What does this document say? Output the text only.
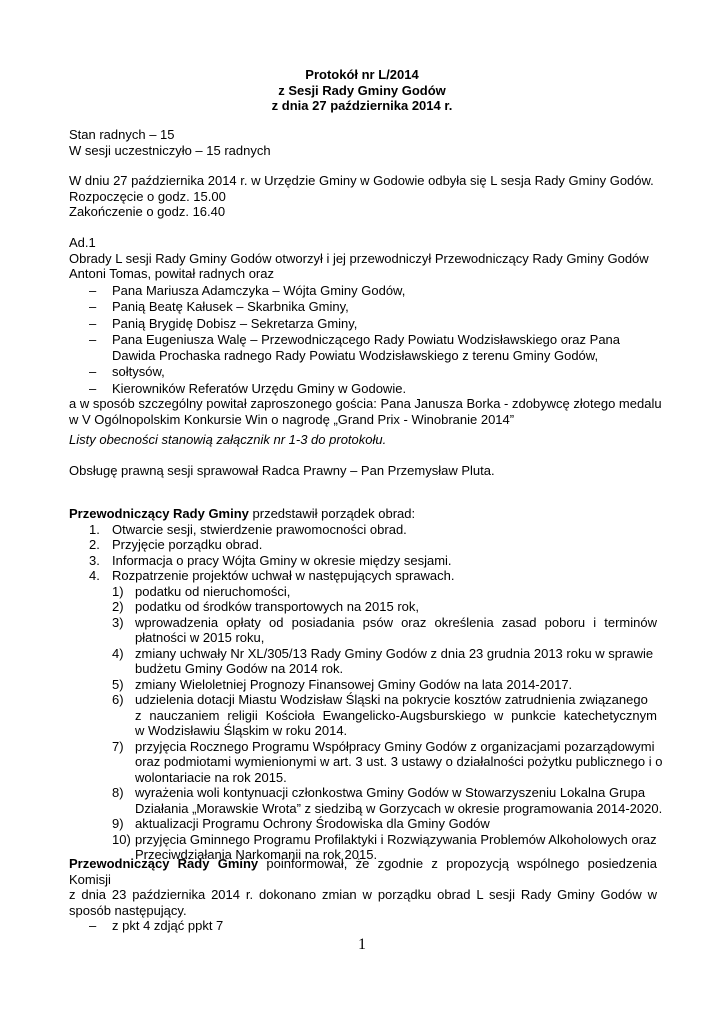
Protokół nr L/2014
z Sesji Rady Gminy Godów
z dnia 27 października 2014 r.
Stan radnych – 15
W sesji uczestniczyło – 15 radnych
W dniu 27 października 2014 r. w Urzędzie Gminy w Godowie odbyła się L sesja Rady Gminy Godów.
Rozpoczęcie o godz. 15.00
Zakończenie o godz. 16.40
Ad.1
Obrady L sesji Rady Gminy Godów otworzył i jej przewodniczył Przewodniczący Rady Gminy Godów
Antoni Tomas, powitał radnych oraz
– Pana Mariusza Adamczyka – Wójta Gminy Godów,
– Panią Beatę Kałusek – Skarbnika Gminy,
– Panią Brygidę Dobisz – Sekretarza Gminy,
– Pana Eugeniusza Walę – Przewodniczącego Rady Powiatu Wodzisławskiego oraz Pana
Dawida Prochaska radnego Rady Powiatu Wodzisławskiego z terenu Gminy Godów,
– sołtysów,
– Kierowników Referatów Urzędu Gminy w Godowie.
a w sposób szczególny powitał zaproszonego gościa: Pana Janusza Borka - zdobywcę złotego medalu
w V Ogólnopolskim Konkursie Win o nagrodę „Grand Prix - Winobranie 2014”
Listy obecności stanowią załącznik nr 1-3 do protokołu.
Obsługę prawną sesji sprawował Radca Prawny – Pan Przemysław Pluta.
Przewodniczący Rady Gminy przedstawił porządek obrad:
1. Otwarcie sesji, stwierdzenie prawomocności obrad.
2. Przyjęcie porządku obrad.
3. Informacja o pracy Wójta Gminy w okresie między sesjami.
4. Rozpatrzenie projektów uchwał w następujących sprawach.
1) podatku od nieruchomości,
2) podatku od środków transportowych na 2015 rok,
3) wprowadzenia opłaty od posiadania psów oraz określenia zasad poboru i terminów
płatności w 2015 roku,
4) zmiany uchwały Nr XL/305/13 Rady Gminy Godów z dnia 23 grudnia 2013 roku w sprawie
budżetu Gminy Godów na 2014 rok.
5) zmiany Wieloletniej Prognozy Finansowej Gminy Godów na lata 2014-2017.
6) udzielenia dotacji Miastu Wodzisław Śląski na pokrycie kosztów zatrudnienia związanego
z nauczaniem religii Kościoła Ewangelicko-Augsburskiego w punkcie katechetycznym
w Wodzisławiu Śląskim w roku 2014.
7) przyjęcia Rocznego Programu Współpracy Gminy Godów z organizacjami pozarządowymi
oraz podmiotami wymienionymi w art. 3 ust. 3 ustawy o działalności pożytku publicznego i o
wolontariacie na rok 2015.
8) wyrażenia woli kontynuacji członkostwa Gminy Godów w Stowarzyszeniu Lokalna Grupa
Działania „Morawskie Wrota” z siedzibą w Gorzycach w okresie programowania 2014-2020.
9) aktualizacji Programu Ochrony Środowiska dla Gminy Godów
10) przyjęcia Gminnego Programu Profilaktyki i Rozwiązywania Problemów Alkoholowych oraz
Przeciwdziałania Narkomanii na rok 2015.
Przewodniczący Rady Gminy poinformował, że zgodnie z propozycją wspólnego posiedzenia Komisji
z dnia 23 października 2014 r. dokonano zmian w porządku obrad L sesji Rady Gminy Godów w
sposób następujący.
– z pkt 4 zdjąć ppkt 7
1
